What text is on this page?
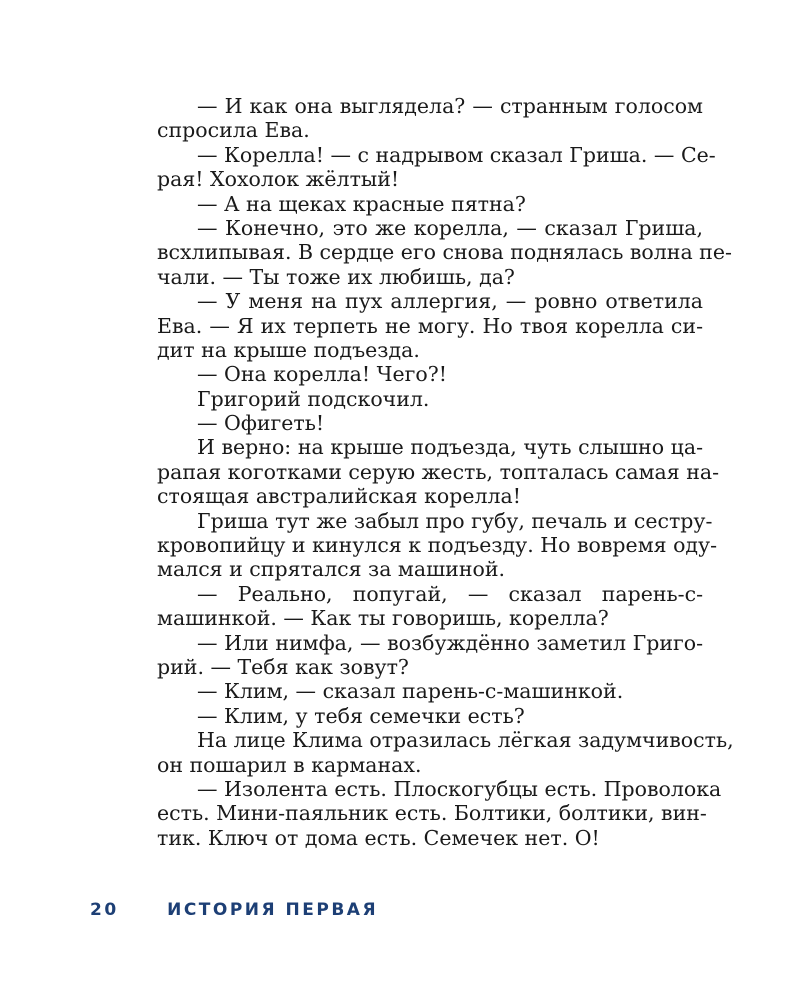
— И как она выглядела? — странным голосом
спросила Ева.
— Корелла! — с надрывом сказал Гриша. — Се-
рая! Хохолок жёлтый!
— А на щеках красные пятна?
— Конечно, это же корелла, — сказал Гриша,
всхлипывая. В сердце его снова поднялась волна пе-
чали. — Ты тоже их любишь, да?
— У меня на пух аллергия, — ровно ответила
Ева. — Я их терпеть не могу. Но твоя корелла си-
дит на крыше подъезда.
— Она корелла! Чего?!
Григорий подскочил.
— Офигеть!
И верно: на крыше подъезда, чуть слышно ца-
рапая коготками серую жесть, топталась самая на-
стоящая австралийская корелла!
Гриша тут же забыл про губу, печаль и сестру-
кровопийцу и кинулся к подъезду. Но вовремя оду-
мался и спрятался за машиной.
— Реально, попугай, — сказал парень-с-
машинкой. — Как ты говоришь, корелла?
— Или нимфа, — возбуждённо заметил Григо-
рий. — Тебя как зовут?
— Клим, — сказал парень-с-машинкой.
— Клим, у тебя семечки есть?
На лице Клима отразилась лёгкая задумчивость,
он пошарил в карманах.
— Изолента есть. Плоскогубцы есть. Проволока
есть. Мини-паяльник есть. Болтики, болтики, вин-
тик. Ключ от дома есть. Семечек нет. О!
20	ИСТОРИЯ ПЕРВАЯ
